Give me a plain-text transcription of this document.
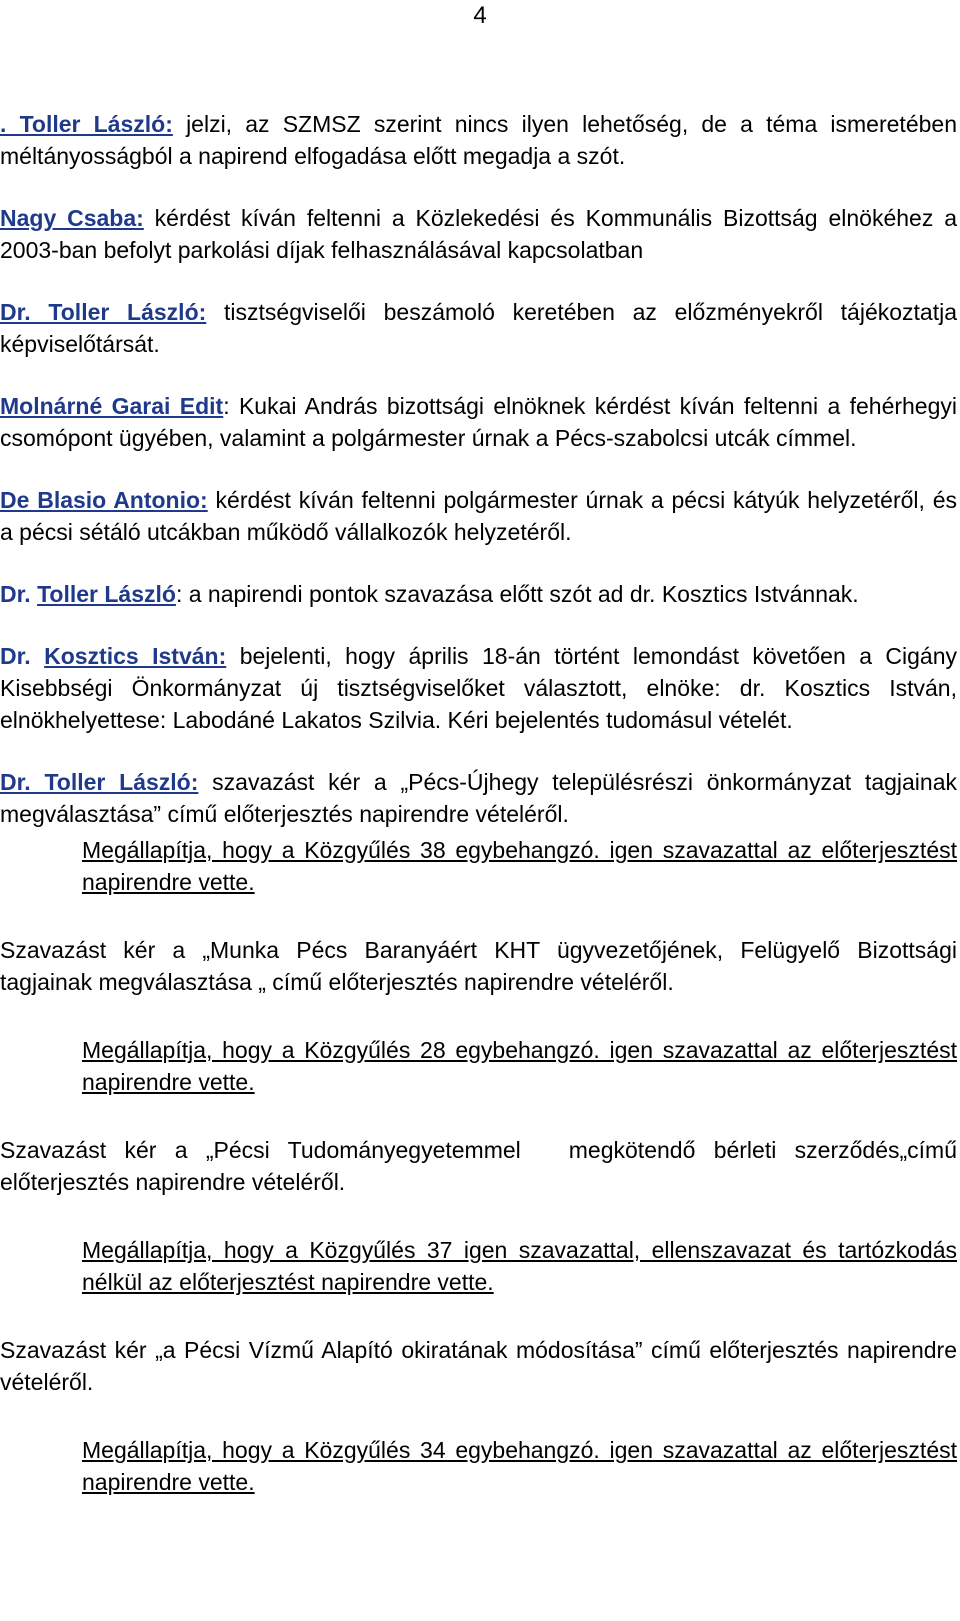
4

. Toller László: jelzi, az SZMSZ szerint nincs ilyen lehetőség, de a téma ismeretében méltányosságból a napirend elfogadása előtt megadja a szót.

Nagy Csaba: kérdést kíván feltenni a Közlekedési és Kommunális Bizottság elnökéhez a 2003-ban befolyt parkolási díjak felhasználásával kapcsolatban

Dr. Toller László: tisztségviselői beszámoló keretében az előzményekről tájékoztatja képviselőtársát.

Molnárné Garai Edit: Kukai András bizottsági elnöknek kérdést kíván feltenni a fehérhegyi csomópont ügyében, valamint a polgármester úrnak a Pécs-szabolcsi utcák címmel.

De Blasio Antonio: kérdést kíván feltenni polgármester úrnak a pécsi kátyúk helyzetéről, és a pécsi sétáló utcákban működő vállalkozók helyzetéről.

Dr. Toller László: a napirendi pontok szavazása előtt szót ad dr. Kosztics Istvánnak.

Dr. Kosztics István: bejelenti, hogy április 18-án történt lemondást követően a Cigány Kisebbségi Önkormányzat új tisztségviselőket választott, elnöke: dr. Kosztics István, elnökhelyettese: Labodáné Lakatos Szilvia. Kéri bejelentés tudomásul vételét.

Dr. Toller László: szavazást kér a „Pécs-Újhegy településrészi önkormányzat tagjainak megválasztása” című előterjesztés napirendre vételéről.

Megállapítja, hogy a Közgyűlés 38 egybehangzó. igen szavazattal az előterjesztést napirendre vette.

Szavazást kér a „Munka Pécs Baranyáért KHT ügyvezetőjének, Felügyelő Bizottsági tagjainak megválasztása „ című előterjesztés napirendre vételéről.

Megállapítja, hogy a Közgyűlés 28 egybehangzó. igen szavazattal az előterjesztést napirendre vette.

Szavazást kér a „Pécsi Tudományegyetemmel megkötendő bérleti szerződés„című előterjesztés napirendre vételéről.

Megállapítja, hogy a Közgyűlés 37 igen szavazattal, ellenszavazat és tartózkodás nélkül az előterjesztést napirendre vette.

Szavazást kér „a Pécsi Vízmű Alapító okiratának módosítása” című előterjesztés napirendre vételéről.

Megállapítja, hogy a Közgyűlés 34 egybehangzó. igen szavazattal az előterjesztést napirendre vette.
